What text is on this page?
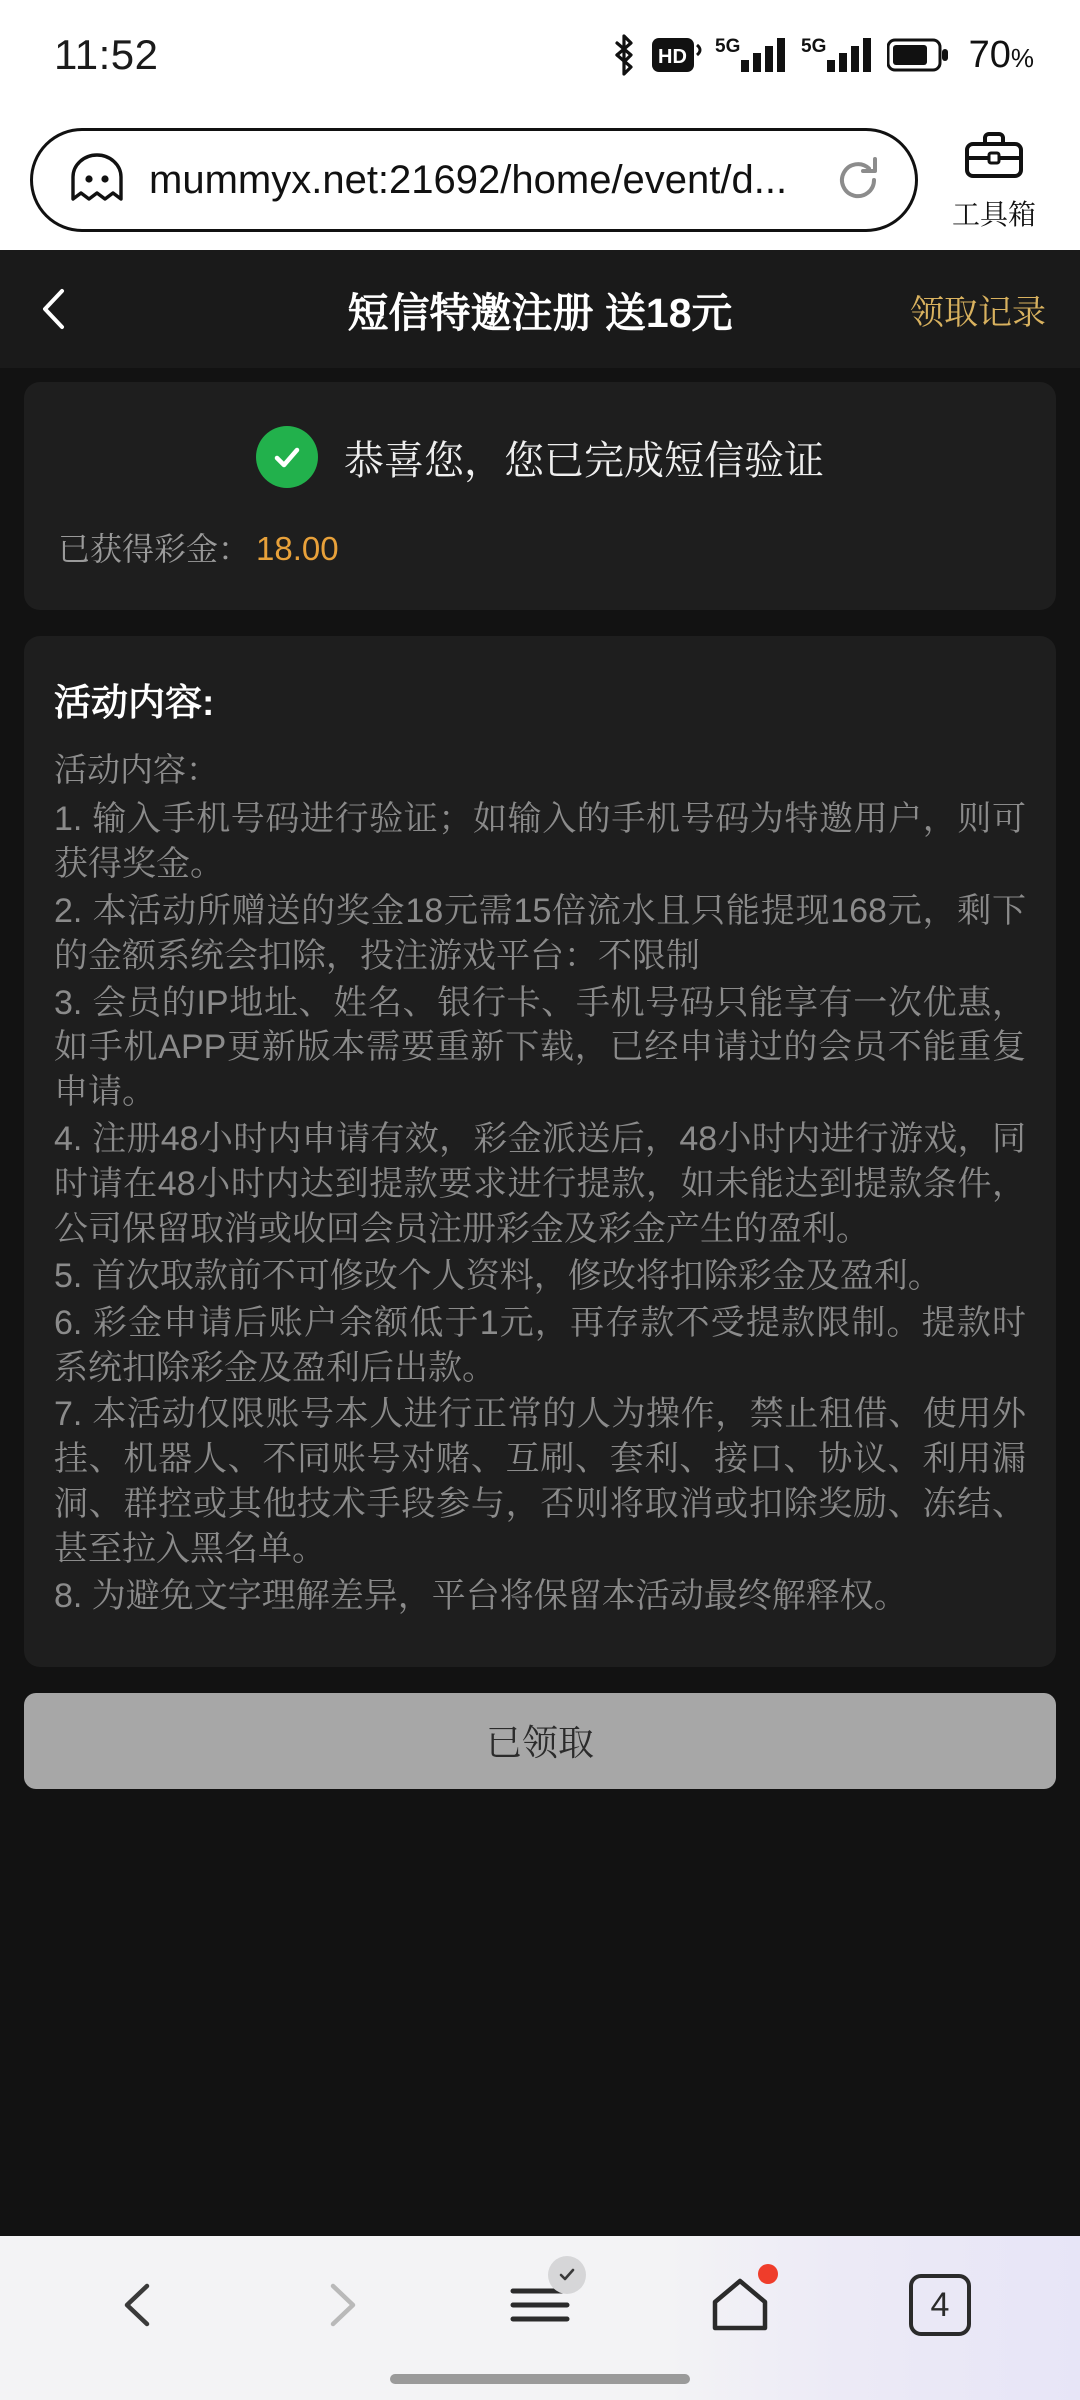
11:52	HD 5G	5G	70%
mummyx.net:21692/home/event/d...
工具箱
短信特邀注册 送18元	领取记录
恭喜您，您已完成短信验证
已获得彩金： 18.00
活动内容:
活动内容：
1. 输入手机号码进行验证；如输入的手机号码为特邀用户，则可获得奖金。
2. 本活动所赠送的奖金18元需15倍流水且只能提现168元，剩下的金额系统会扣除，投注游戏平台：不限制
3. 会员的IP地址、姓名、银行卡、手机号码只能享有一次优惠，如手机APP更新版本需要重新下载，已经申请过的会员不能重复申请。
4. 注册48小时内申请有效，彩金派送后，48小时内进行游戏，同时请在48小时内达到提款要求进行提款，如未能达到提款条件，公司保留取消或收回会员注册彩金及彩金产生的盈利。
5. 首次取款前不可修改个人资料，修改将扣除彩金及盈利。
6. 彩金申请后账户余额低于1元，再存款不受提款限制。提款时系统扣除彩金及盈利后出款。
7. 本活动仅限账号本人进行正常的人为操作，禁止租借、使用外挂、机器人、不同账号对赌、互刷、套利、接口、协议、利用漏洞、群控或其他技术手段参与，否则将取消或扣除奖励、冻结、甚至拉入黑名单。
8. 为避免文字理解差异，平台将保留本活动最终解释权。
已领取
4
